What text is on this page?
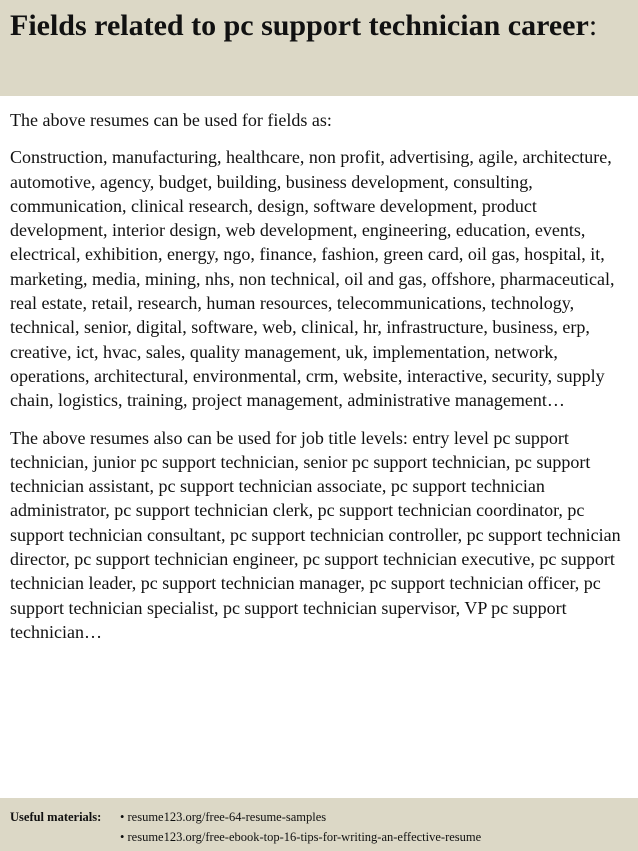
Fields related to pc support technician career:

The above resumes can be used for fields as:

Construction, manufacturing, healthcare, non profit, advertising, agile, architecture, automotive, agency, budget, building, business development, consulting, communication, clinical research, design, software development, product development, interior design, web development, engineering, education, events, electrical, exhibition, energy, ngo, finance, fashion, green card, oil gas, hospital, it, marketing, media, mining, nhs, non technical, oil and gas, offshore, pharmaceutical, real estate, retail, research, human resources, telecommunications, technology, technical, senior, digital, software, web, clinical, hr, infrastructure, business, erp, creative, ict, hvac, sales, quality management, uk, implementation, network, operations, architectural, environmental, crm, website, interactive, security, supply chain, logistics, training, project management, administrative management…

The above resumes also can be used for job title levels: entry level pc support technician, junior pc support technician, senior pc support technician, pc support technician assistant, pc support technician associate, pc support technician administrator, pc support technician clerk, pc support technician coordinator, pc support technician consultant, pc support technician controller, pc support technician director, pc support technician engineer, pc support technician executive, pc support technician leader, pc support technician manager, pc support technician officer, pc support technician specialist, pc support technician supervisor, VP pc support technician…

Useful materials: • resume123.org/free-64-resume-samples
• resume123.org/free-ebook-top-16-tips-for-writing-an-effective-resume
